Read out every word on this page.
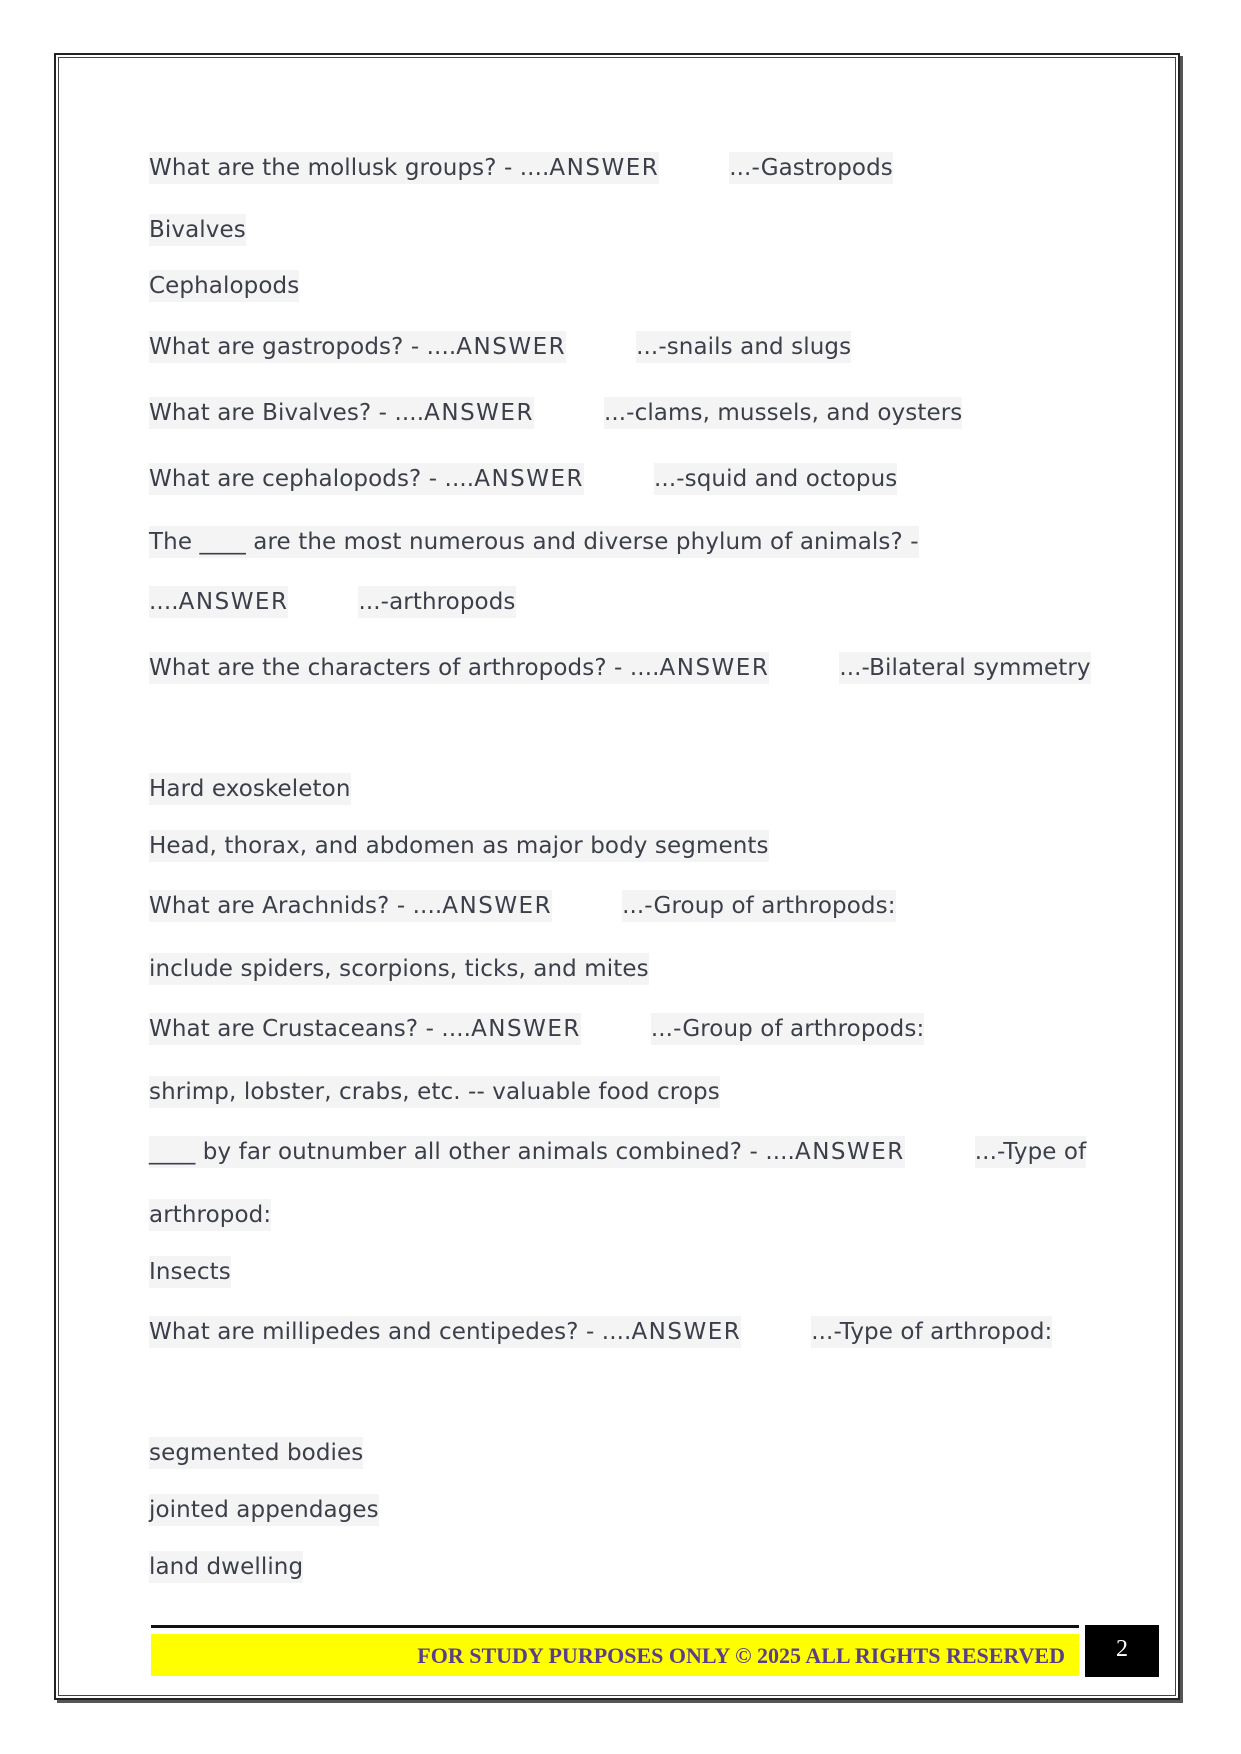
What are the mollusk groups? - ....ANSWER	...-Gastropods
Bivalves
Cephalopods
What are gastropods? - ....ANSWER	...-snails and slugs
What are Bivalves? - ....ANSWER	...-clams, mussels, and oysters
What are cephalopods? - ....ANSWER	...-squid and octopus
The ____ are the most numerous and diverse phylum of animals? -
....ANSWER	...-arthropods
What are the characters of arthropods? - ....ANSWER	...-Bilateral symmetry
Hard exoskeleton
Head, thorax, and abdomen as major body segments
What are Arachnids? - ....ANSWER	...-Group of arthropods:
include spiders, scorpions, ticks, and mites
What are Crustaceans? - ....ANSWER	...-Group of arthropods:
shrimp, lobster, crabs, etc. -- valuable food crops
____ by far outnumber all other animals combined? - ....ANSWER	...-Type of
arthropod:
Insects
What are millipedes and centipedes? - ....ANSWER	...-Type of arthropod:
segmented bodies
jointed appendages
land dwelling
FOR STUDY PURPOSES ONLY © 2025 ALL RIGHTS RESERVED	2
